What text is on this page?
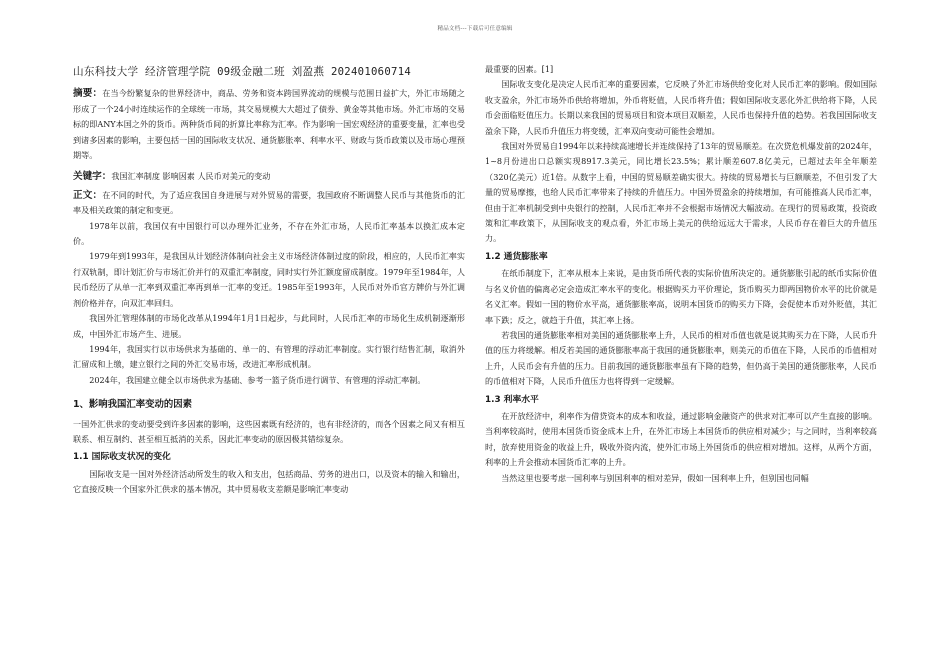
精品文档---下载后可任意编辑

山东科技大学 经济管理学院 09级金融二班 刘盈燕 202401060714

摘要：在当今纷繁复杂的世界经济中，商品、劳务和资本跨国界流动的规模与范围日益扩大，外汇市场随之形成了一个24小时连续运作的全球统一市场，其交易规模大大超过了债券、黄金等其他市场。外汇市场的交易标的即ANY本国之外的货币。两种货币间的折算比率称为汇率。作为影响一国宏观经济的重要变量，汇率也受到诸多因素的影响，主要包括一国的国际收支状况、通货膨胀率、利率水平、财政与货币政策以及市场心理预期等。

关键字：我国汇率制度 影响因素 人民币对美元的变动

正文：在不同的时代，为了适应我国自身进展与对外贸易的需要，我国政府不断调整人民币与其他货币的汇率及相关政策的制定和变更。

1978年以前，我国仅有中国银行可以办理外汇业务，不存在外汇市场，人民币汇率基本以换汇成本定价。

1979年到1993年，是我国从计划经济体制向社会主义市场经济体制过度的阶段，相应的，人民币汇率实行双轨制，即计划汇价与市场汇价并行的双重汇率制度，同时实行外汇额度留成制度。1979年至1984年，人民币经历了从单一汇率到双重汇率再到单一汇率的变迁。1985年至1993年，人民币对外币官方牌价与外汇调剂价格并存，向双汇率回归。

我国外汇管理体制的市场化改革从1994年1月1日起步，与此同时，人民币汇率的市场化生成机制逐渐形成，中国外汇市场产生、进展。

1994年，我国实行以市场供求为基础的、单一的、有管理的浮动汇率制度。实行银行结售汇制，取消外汇留成和上缴，建立银行之间的外汇交易市场，改进汇率形成机制。

2024年，我国建立健全以市场供求为基础、参考一篮子货币进行调节、有管理的浮动汇率制。

1、影响我国汇率变动的因素

一国外汇供求的变动要受到许多因素的影响，这些因素既有经济的，也有非经济的，而各个因素之间又有相互联系、相互制约、甚至相互抵消的关系，因此汇率变动的原因极其错综复杂。

1.1 国际收支状况的变化

国际收支是一国对外经济活动所发生的收入和支出，包括商品、劳务的进出口，以及资本的输入和输出，它直接反映一个国家外汇供求的基本情况，其中贸易收支差额是影响汇率变动

最重要的因素。[1]

国际收支变化是决定人民币汇率的重要因素，它反映了外汇市场供给变化对人民币汇率的影响。假如国际收支盈余，外汇市场外币供给将增加，外币将贬值，人民币将升值；假如国际收支恶化外汇供给将下降，人民币会面临贬值压力。长期以来我国的贸易项目和资本项目双顺差，人民币也保持升值的趋势。若我国国际收支盈余下降，人民币升值压力将变缓，汇率双向变动可能性会增加。

我国对外贸易自1994年以来持续高速增长并连续保持了13年的贸易顺差。在次贷危机爆发前的2024年，1~8月份进出口总额实现8917.3美元，同比增长23.5%；累计顺差607.8亿美元，已超过去年全年顺差（320亿美元）近1倍。从数字上看，中国的贸易顺差确实很大。持续的贸易增长与巨额顺差，不但引发了大量的贸易摩擦，也给人民币汇率带来了持续的升值压力。中国外贸盈余的持续增加，有可能推高人民币汇率，但由于汇率机制受到中央银行的控制，人民币汇率并不会根据市场情况大幅波动。在现行的贸易政策，投资政策和汇率政策下，从国际收支的观点看，外汇市场上美元的供给远远大于需求，人民币存在着巨大的升值压力。

1.2 通货膨胀率

在纸币制度下，汇率从根本上来说，是由货币所代表的实际价值所决定的。通货膨胀引起的纸币实际价值与名义价值的偏离必定会造成汇率水平的变化。根据购买力平价理论，货币购买力即两国物价水平的比价就是名义汇率。假如一国的物价水平高，通货膨胀率高，说明本国货币的购买力下降，会促使本币对外贬值，其汇率下跌；反之，就趋于升值，其汇率上扬。

若我国的通货膨胀率相对美国的通货膨胀率上升，人民币的相对币值也就是说其购买力在下降，人民币升值的压力将缓解。相反若美国的通货膨胀率高于我国的通货膨胀率，则美元的币值在下降，人民币的币值相对上升，人民币会有升值的压力。目前我国的通货膨胀率虽有下降的趋势，但仍高于美国的通货膨胀率，人民币的币值相对下降，人民币升值压力也将得到一定缓解。

1.3 利率水平

在开放经济中，利率作为借贷资本的成本和收益，通过影响金融资产的供求对汇率可以产生直接的影响。当利率较高时，使用本国货币资金成本上升，在外汇市场上本国货币的供应相对减少；与之同时，当利率较高时，放弃使用资金的收益上升，吸收外资内流，使外汇市场上外国货币的供应相对增加。这样，从两个方面，利率的上升会推动本国货币汇率的上升。

当然这里也要考虑一国利率与别国利率的相对差异，假如一国利率上升，但别国也同幅
